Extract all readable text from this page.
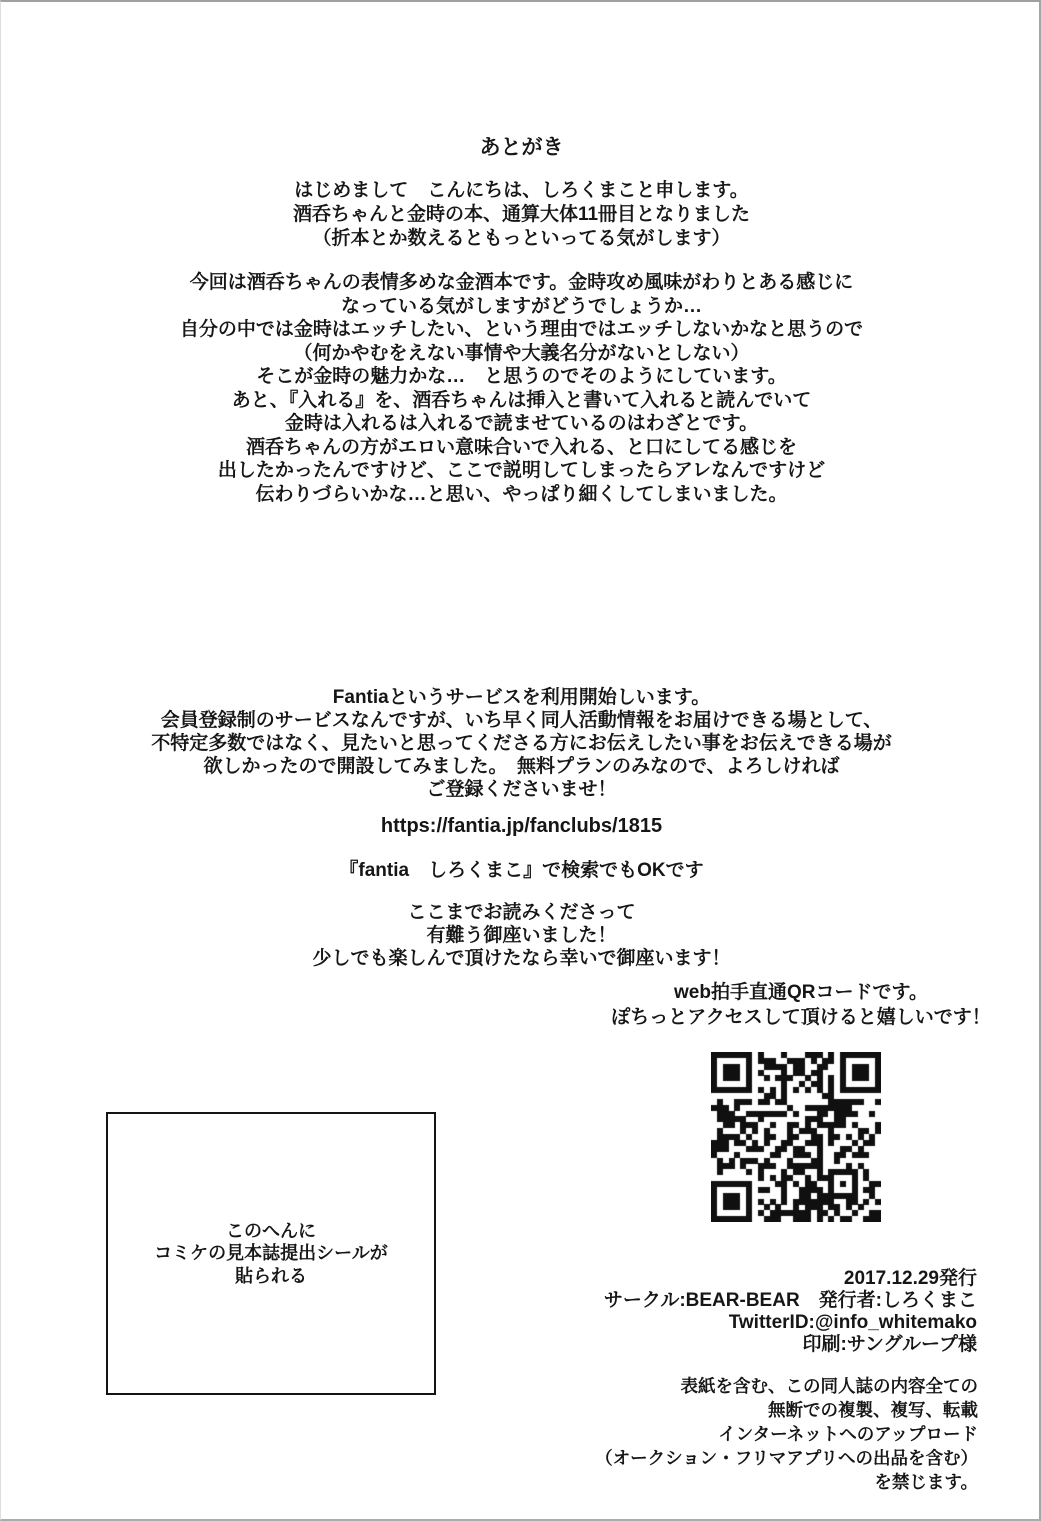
あとがき
はじめまして　こんにちは、しろくまこと申します。
酒呑ちゃんと金時の本、通算大体11冊目となりました
（折本とか数えるともっといってる気がします）
今回は酒呑ちゃんの表情多めな金酒本です。金時攻め風味がわりとある感じに
なっている気がしますがどうでしょうか…
自分の中では金時はエッチしたい、という理由ではエッチしないかなと思うので
（何かやむをえない事情や大義名分がないとしない）
そこが金時の魅力かな…　と思うのでそのようにしています。
あと、『入れる』を、酒呑ちゃんは挿入と書いて入れると読んでいて
金時は入れるは入れるで読ませているのはわざとです。
酒呑ちゃんの方がエロい意味合いで入れる、と口にしてる感じを
出したかったんですけど、ここで説明してしまったらアレなんですけど
伝わりづらいかな…と思い、やっぱり細くしてしまいました。
Fantiaというサービスを利用開始しいます。
会員登録制のサービスなんですが、いち早く同人活動情報をお届けできる場として、
不特定多数ではなく、見たいと思ってくださる方にお伝えしたい事をお伝えできる場が
欲しかったので開設してみました。　無料プランのみなので、よろしければ
ご登録くださいませ！
https://fantia.jp/fanclubs/1815
『fantia　しろくまこ』で検索でもOKです
ここまでお読みくださって
有難う御座いました！
少しでも楽しんで頂けたなら幸いで御座います！
web拍手直通QRコードです。
ぽちっとアクセスして頂けると嬉しいです！
このへんに
コミケの見本誌提出シールが
貼られる	2017.12.29発行
サークル:BEAR-BEAR　発行者:しろくまこ
TwitterID:@info_whitemako
印刷:サングループ様
表紙を含む、この同人誌の内容全ての
無断での複製、複写、転載
インターネットへのアップロード
（オークション・フリマアプリへの出品を含む）
を禁じます。
